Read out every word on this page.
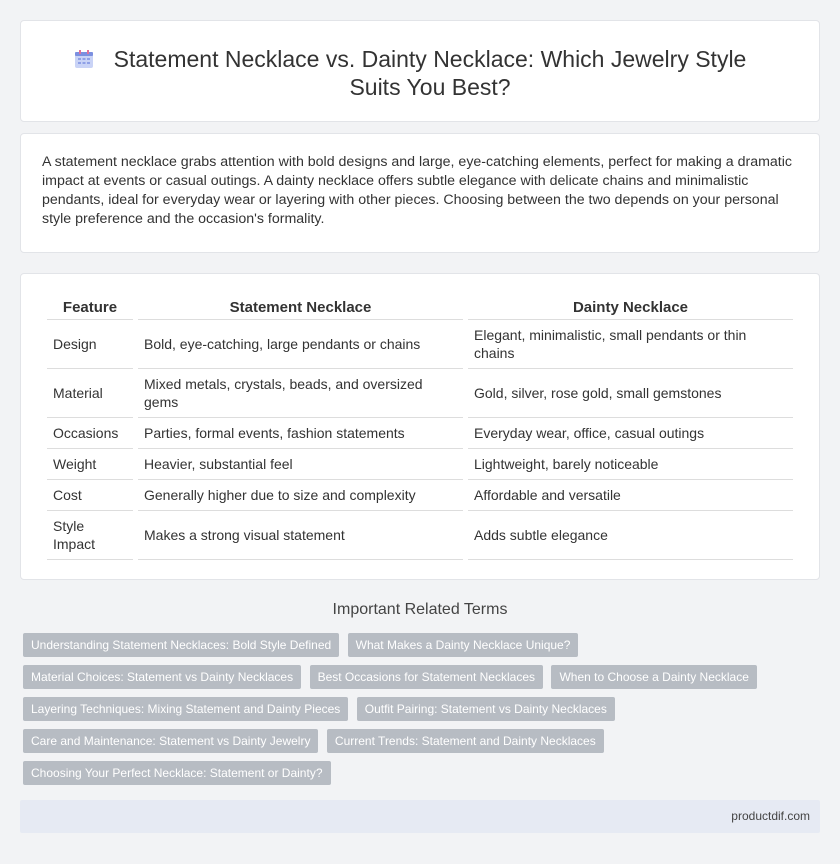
Statement Necklace vs. Dainty Necklace: Which Jewelry Style Suits You Best?

A statement necklace grabs attention with bold designs and large, eye-catching elements, perfect for making a dramatic impact at events or casual outings. A dainty necklace offers subtle elegance with delicate chains and minimalistic pendants, ideal for everyday wear or layering with other pieces. Choosing between the two depends on your personal style preference and the occasion's formality.

Feature	Statement Necklace	Dainty Necklace
Design	Bold, eye-catching, large pendants or chains	Elegant, minimalistic, small pendants or thin chains
Material	Mixed metals, crystals, beads, and oversized gems	Gold, silver, rose gold, small gemstones
Occasions	Parties, formal events, fashion statements	Everyday wear, office, casual outings
Weight	Heavier, substantial feel	Lightweight, barely noticeable
Cost	Generally higher due to size and complexity	Affordable and versatile
Style Impact	Makes a strong visual statement	Adds subtle elegance
Important Related Terms
Understanding Statement Necklaces: Bold Style Defined What Makes a Dainty Necklace Unique? Material Choices: Statement vs Dainty Necklaces Best Occasions for Statement Necklaces When to Choose a Dainty Necklace Layering Techniques: Mixing Statement and Dainty Pieces Outfit Pairing: Statement vs Dainty Necklaces Care and Maintenance: Statement vs Dainty Jewelry Current Trends: Statement and Dainty Necklaces Choosing Your Perfect Necklace: Statement or Dainty?
productdif.com
